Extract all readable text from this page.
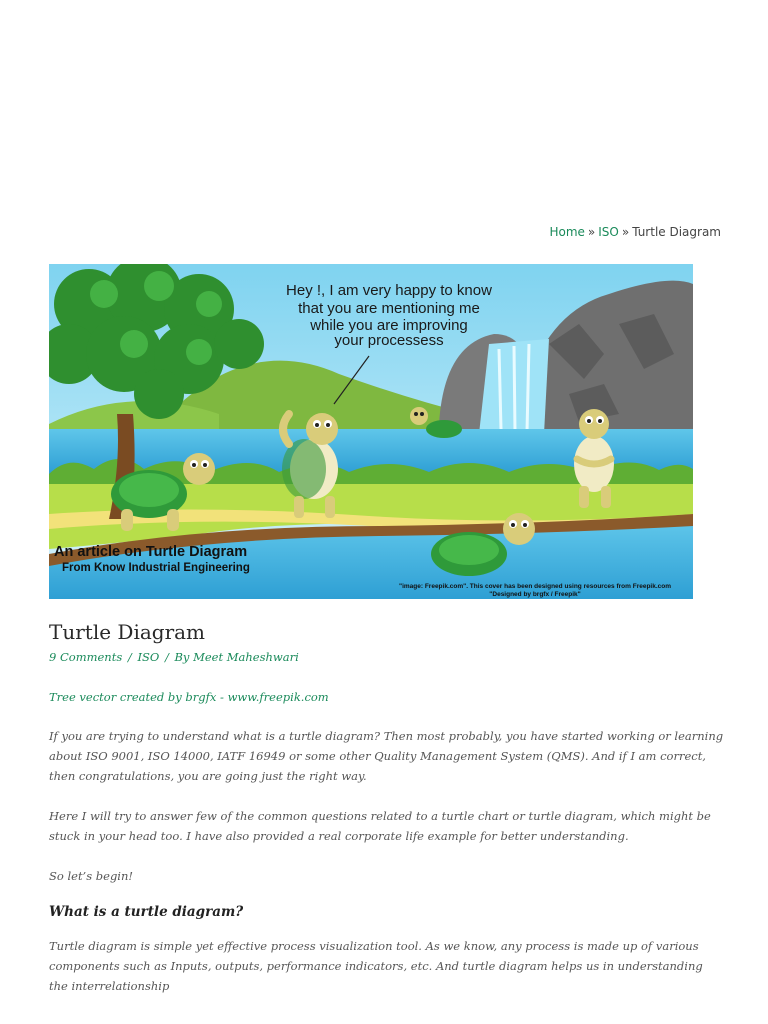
Home » ISO » Turtle Diagram
Hey !, I am very happy to know
that you are mentioning me
while you are improving
your processess
An article on Turtle Diagram
From Know Industrial Engineering
"image: Freepik.com". This cover has been designed using resources from Freepik.com
"Designed by brgfx / Freepik"
Turtle Diagram
9 Comments / ISO / By Meet Maheshwari

Tree vector created by brgfx - www.freepik.com

If you are trying to understand what is a turtle diagram? Then most probably, you have started working or learning about ISO 9001, ISO 14000, IATF 16949 or some other Quality Management System (QMS). And if I am correct, then congratulations, you are going just the right way.

Here I will try to answer few of the common questions related to a turtle chart or turtle diagram, which might be stuck in your head too. I have also provided a real corporate life example for better understanding.

So let’s begin!

What is a turtle diagram?

Turtle diagram is simple yet effective process visualization tool. As we know, any process is made up of various components such as Inputs, outputs, performance indicators, etc. And turtle diagram helps us in understanding the interrelationship
